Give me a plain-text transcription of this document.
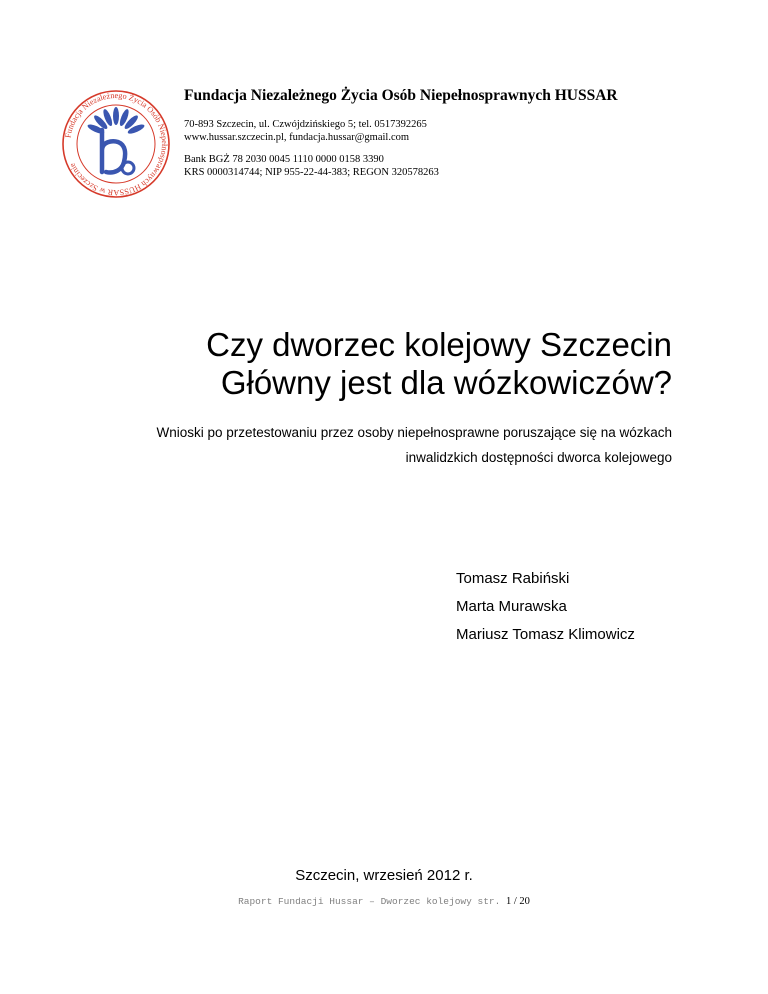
Fundacja Niezależnego Życia Osób Niepełnosprawnych HUSSAR w Szczecinie
Fundacja Niezależnego Życia Osób Niepełnosprawnych HUSSAR
70-893 Szczecin, ul. Czwójdzińskiego 5; tel. 0517392265
www.hussar.szczecin.pl, fundacja.hussar@gmail.com
Bank BGŻ 78 2030 0045 1110 0000 0158 3390
KRS 0000314744; NIP 955-22-44-383; REGON 320578263
Czy dworzec kolejowy Szczecin
Główny jest dla wózkowiczów?
Wnioski po przetestowaniu przez osoby niepełnosprawne poruszające się na wózkach
inwalidzkich dostępności dworca kolejowego
Tomasz Rabiński
Marta Murawska
Mariusz Tomasz Klimowicz
Szczecin, wrzesień 2012 r.
Raport Fundacji Hussar – Dworzec kolejowy str. 1 / 20
